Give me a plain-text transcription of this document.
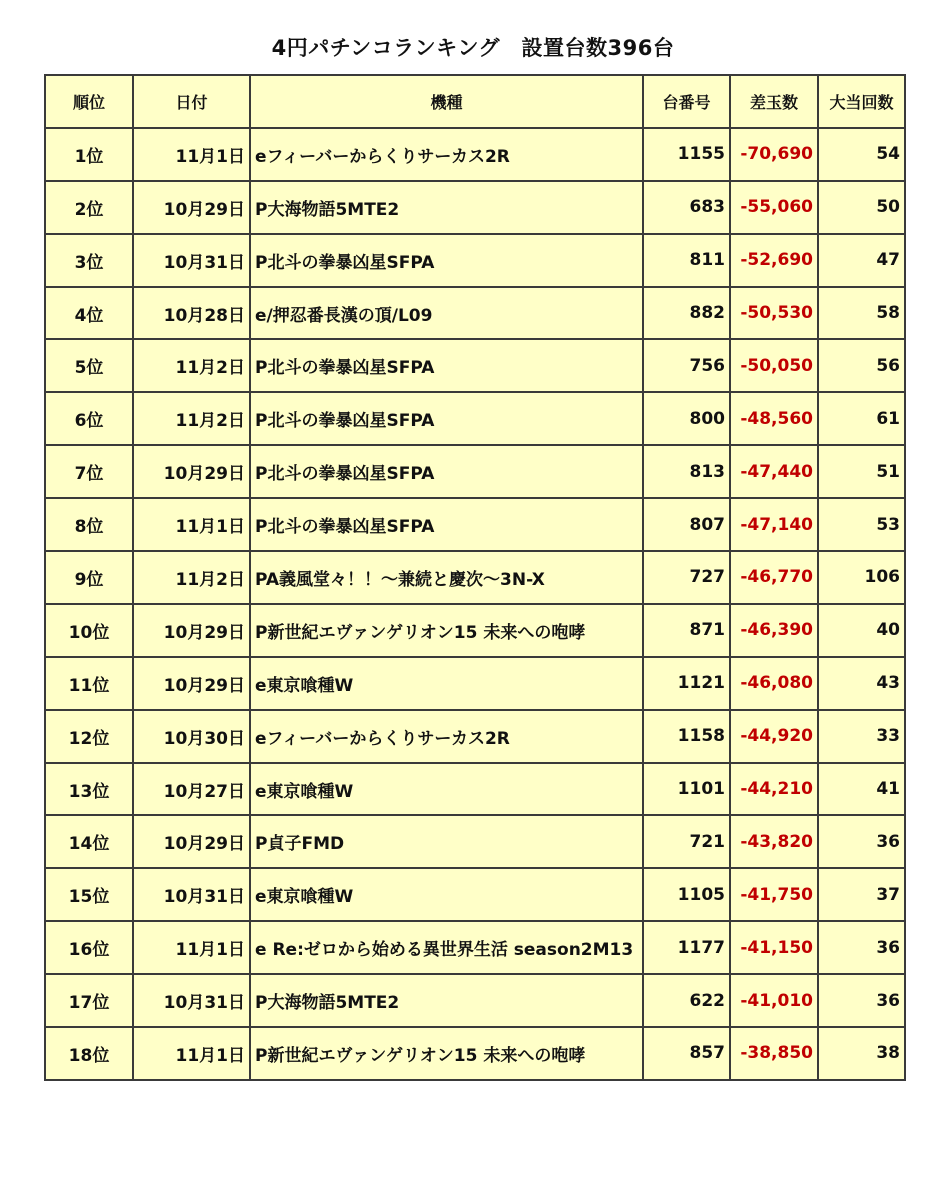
4円パチンコランキング　設置台数396台
順位	日付	機種	台番号	差玉数	大当回数
1位	11月1日	eフィーバーからくりサーカス2R	1155	-70,690	54
2位	10月29日	P大海物語5MTE2	683	-55,060	50
3位	10月31日	P北斗の拳暴凶星SFPA	811	-52,690	47
4位	10月28日	e/押忍番長漢の頂/L09	882	-50,530	58
5位	11月2日	P北斗の拳暴凶星SFPA	756	-50,050	56
6位	11月2日	P北斗の拳暴凶星SFPA	800	-48,560	61
7位	10月29日	P北斗の拳暴凶星SFPA	813	-47,440	51
8位	11月1日	P北斗の拳暴凶星SFPA	807	-47,140	53
9位	11月2日	PA義風堂々！！～兼続と慶次～3N-X	727	-46,770	106
10位	10月29日	P新世紀エヴァンゲリオン15 未来への咆哮	871	-46,390	40
11位	10月29日	e東京喰種W	1121	-46,080	43
12位	10月30日	eフィーバーからくりサーカス2R	1158	-44,920	33
13位	10月27日	e東京喰種W	1101	-44,210	41
14位	10月29日	P貞子FMD	721	-43,820	36
15位	10月31日	e東京喰種W	1105	-41,750	37
16位	11月1日	e Re:ゼロから始める異世界生活 season2M13	1177	-41,150	36
17位	10月31日	P大海物語5MTE2	622	-41,010	36
18位	11月1日	P新世紀エヴァンゲリオン15 未来への咆哮	857	-38,850	38
